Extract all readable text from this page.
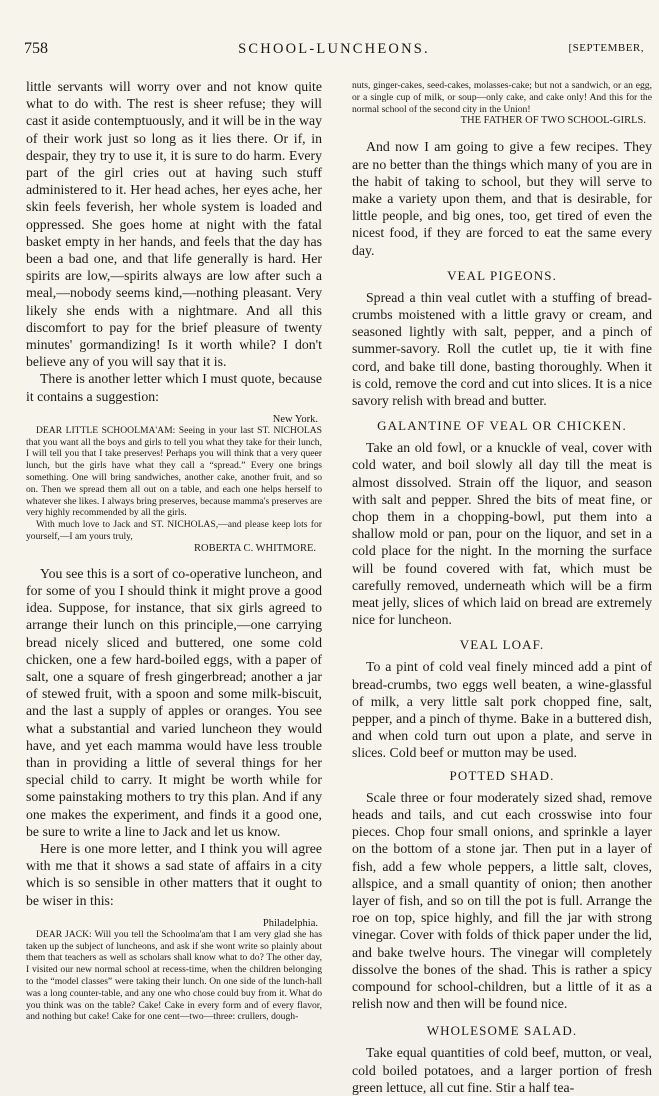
758	SCHOOL-LUNCHEONS.	[SEPTEMBER,

little servants will worry over and not know quite what to do with. The rest is sheer refuse; they will cast it aside contemptuously, and it will be in the way of their work just so long as it lies there. Or if, in despair, they try to use it, it is sure to do harm. Every part of the girl cries out at having such stuff administered to it. Her head aches, her eyes ache, her skin feels feverish, her whole system is loaded and oppressed. She goes home at night with the fatal basket empty in her hands, and feels that the day has been a bad one, and that life generally is hard. Her spirits are low,—spirits always are low after such a meal,—nobody seems kind,—nothing pleasant. Very likely she ends with a nightmare. And all this discomfort to pay for the brief pleasure of twenty minutes' gormandizing! Is it worth while? I don't believe any of you will say that it is.

There is another letter which I must quote, because it contains a suggestion:

New York.

DEAR LITTLE SCHOOLMA'AM: Seeing in your last ST. NICHOLAS that you want all the boys and girls to tell you what they take for their lunch, I will tell you that I take preserves! Perhaps you will think that a very queer lunch, but the girls have what they call a “spread.” Every one brings something. One will bring sandwiches, another cake, another fruit, and so on. Then we spread them all out on a table, and each one helps herself to whatever she likes. I always bring preserves, because mamma's preserves are very highly recommended by all the girls.

With much love to Jack and ST. NICHOLAS,—and please keep lots for yourself,—I am yours truly,

ROBERTA C. WHITMORE.

You see this is a sort of co-operative luncheon, and for some of you I should think it might prove a good idea. Suppose, for instance, that six girls agreed to arrange their lunch on this principle,—one carrying bread nicely sliced and buttered, one some cold chicken, one a few hard-boiled eggs, with a paper of salt, one a square of fresh gingerbread; another a jar of stewed fruit, with a spoon and some milk-biscuit, and the last a supply of apples or oranges. You see what a substantial and varied luncheon they would have, and yet each mamma would have less trouble than in providing a little of several things for her special child to carry. It might be worth while for some painstaking mothers to try this plan. And if any one makes the experiment, and finds it a good one, be sure to write a line to Jack and let us know.

Here is one more letter, and I think you will agree with me that it shows a sad state of affairs in a city which is so sensible in other matters that it ought to be wiser in this:

Philadelphia.

DEAR JACK: Will you tell the Schoolma'am that I am very glad she has taken up the subject of luncheons, and ask if she wont write so plainly about them that teachers as well as scholars shall know what to do? The other day, I visited our new normal school at recess-time, when the children belonging to the “model classes” were taking their lunch. On one side of the lunch-hall was a long counter-table, and any one who chose could buy from it. What do you think was on the table? Cake! Cake in every form and of every flavor, and nothing but cake! Cake for one cent—two—three: crullers, dough-

nuts, ginger-cakes, seed-cakes, molasses-cake; but not a sandwich, or an egg, or a single cup of milk, or soup—only cake, and cake only! And this for the normal school of the second city in the Union!

THE FATHER OF TWO SCHOOL-GIRLS.

And now I am going to give a few recipes. They are no better than the things which many of you are in the habit of taking to school, but they will serve to make a variety upon them, and that is desirable, for little people, and big ones, too, get tired of even the nicest food, if they are forced to eat the same every day.

VEAL PIGEONS.

Spread a thin veal cutlet with a stuffing of bread-crumbs moistened with a little gravy or cream, and seasoned lightly with salt, pepper, and a pinch of summer-savory. Roll the cutlet up, tie it with fine cord, and bake till done, basting thoroughly. When it is cold, remove the cord and cut into slices. It is a nice savory relish with bread and butter.

GALANTINE OF VEAL OR CHICKEN.

Take an old fowl, or a knuckle of veal, cover with cold water, and boil slowly all day till the meat is almost dissolved. Strain off the liquor, and season with salt and pepper. Shred the bits of meat fine, or chop them in a chopping-bowl, put them into a shallow mold or pan, pour on the liquor, and set in a cold place for the night. In the morning the surface will be found covered with fat, which must be carefully removed, underneath which will be a firm meat jelly, slices of which laid on bread are extremely nice for luncheon.

VEAL LOAF.

To a pint of cold veal finely minced add a pint of bread-crumbs, two eggs well beaten, a wine-glassful of milk, a very little salt pork chopped fine, salt, pepper, and a pinch of thyme. Bake in a buttered dish, and when cold turn out upon a plate, and serve in slices. Cold beef or mutton may be used.

POTTED SHAD.

Scale three or four moderately sized shad, remove heads and tails, and cut each crosswise into four pieces. Chop four small onions, and sprinkle a layer on the bottom of a stone jar. Then put in a layer of fish, add a few whole peppers, a little salt, cloves, allspice, and a small quantity of onion; then another layer of fish, and so on till the pot is full. Arrange the roe on top, spice highly, and fill the jar with strong vinegar. Cover with folds of thick paper under the lid, and bake twelve hours. The vinegar will completely dissolve the bones of the shad. This is rather a spicy compound for school-children, but a little of it as a relish now and then will be found nice.

WHOLESOME SALAD.

Take equal quantities of cold beef, mutton, or veal, cold boiled potatoes, and a larger portion of fresh green lettuce, all cut fine. Stir a half tea-
